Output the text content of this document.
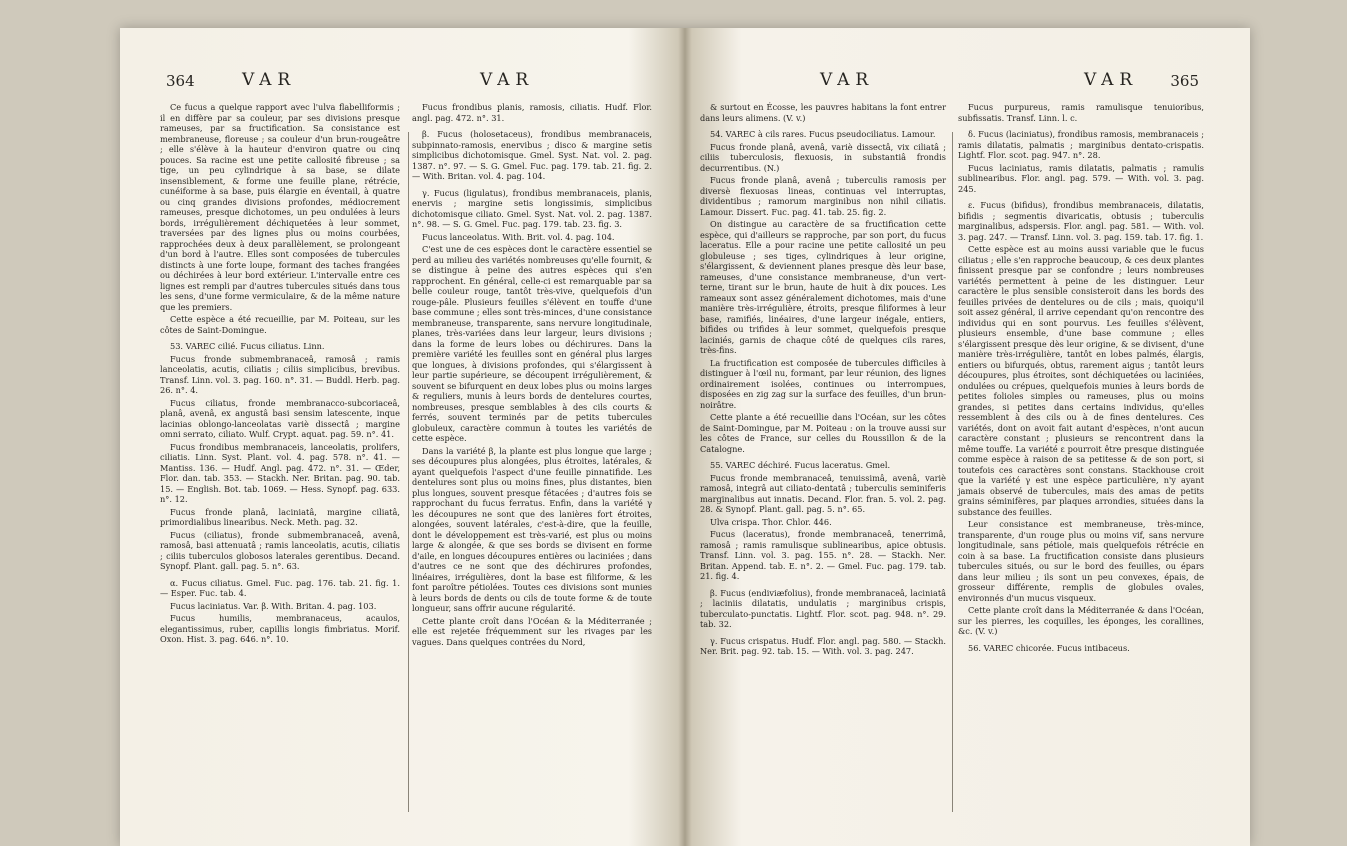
364	VAR	VAR

Ce fucus a quelque rapport avec l'ulva flabelliformis ; il en diffère par sa couleur, par ses divisions presque rameuses, par sa fructification. Sa consistance est membraneuse, floreuse ; sa couleur d'un brun-rougeâtre ; elle s'élève à la hauteur d'environ quatre ou cinq pouces. Sa racine est une petite callosité fibreuse ; sa tige, un peu cylindrique à sa base, se dilate insensiblement, & forme une feuille plane, rétrécie, cunéiforme à sa base, puis élargie en éventail, à quatre ou cinq grandes divisions profondes, médiocrement rameuses, presque dichotomes, un peu ondulées à leurs bords, irrégulièrement déchiquetées à leur sommet, traversées par des lignes plus ou moins courbées, rapprochées deux à deux parallèlement, se prolongeant d'un bord à l'autre. Elles sont composées de tubercules distincts à une forte loupe, formant des taches frangées ou déchirées à leur bord extérieur. L'intervalle entre ces lignes est rempli par d'autres tubercules situés dans tous les sens, d'une forme vermiculaire, & de la même nature que les premiers.

Cette espèce a été recueillie, par M. Poiteau, sur les côtes de Saint-Domingue.

53. VAREC cilié. Fucus ciliatus. Linn.

Fucus fronde submembranaceâ, ramosâ ; ramis lanceolatis, acutis, ciliatis ; ciliis simplicibus, brevibus. Transf. Linn. vol. 3. pag. 160. n°. 31. — Buddl. Herb. pag. 26. n°. 4.

Fucus ciliatus, fronde membranacco-subcoriaceâ, planâ, avenâ, ex angustâ basi sensim latescente, inque lacinias oblongo-lanceolatas variè dissectâ ; margine omni serrato, ciliato. Wulf. Crypt. aquat. pag. 59. n°. 41.

Fucus frondibus membranaceis, lanceolatis, prolifers, ciliatis. Linn. Syst. Plant. vol. 4. pag. 578. n°. 41. — Mantiss. 136. — Hudf. Angl. pag. 472. n°. 31. — Œder, Flor. dan. tab. 353. — Stackh. Ner. Britan. pag. 90. tab. 15. — English. Bot. tab. 1069. — Hess. Synopf. pag. 633. n°. 12.

Fucus fronde planâ, laciniatâ, margine ciliatâ, primordialibus linearibus. Neck. Meth. pag. 32.

Fucus (ciliatus), fronde submembranaceâ, avenâ, ramosâ, basi attenuatâ ; ramis lanceolatis, acutis, ciliatis ; ciliis tuberculos globosos laterales gerentibus. Decand. Synopf. Plant. gall. pag. 5. n°. 63.

α. Fucus ciliatus. Gmel. Fuc. pag. 176. tab. 21. fig. 1. — Esper. Fuc. tab. 4.

Fucus laciniatus. Var. β. With. Britan. 4. pag. 103.

Fucus humilis, membranaceus, acaulos, elegantissimus, ruber, capillis longis fimbriatus. Morif. Oxon. Hist. 3. pag. 646. n°. 10.

Fucus frondibus planis, ramosis, ciliatis. Hudf. Flor. angl. pag. 472. n°. 31.

β. Fucus (holosetaceus), frondibus membranaceis, subpinnato-ramosis, enervibus ; disco & margine setis simplicibus dichotomisque. Gmel. Syst. Nat. vol. 2. pag. 1387. n°. 97. — S. G. Gmel. Fuc. pag. 179. tab. 21. fig. 2. — With. Britan. vol. 4. pag. 104.

γ. Fucus (ligulatus), frondibus membranaceis, planis, enervis ; margine setis longissimis, simplicibus dichotomisque ciliato. Gmel. Syst. Nat. vol. 2. pag. 1387. n°. 98. — S. G. Gmel. Fuc. pag. 179. tab. 23. fig. 3.

Fucus lanceolatus. With. Brit. vol. 4. pag. 104.

C'est une de ces espèces dont le caractère essentiel se perd au milieu des variétés nombreuses qu'elle fournit, & se distingue à peine des autres espèces qui s'en rapprochent. En général, celle-ci est remarquable par sa belle couleur rouge, tantôt très-vive, quelquefois d'un rouge-pâle. Plusieurs feuilles s'élèvent en touffe d'une base commune ; elles sont très-minces, d'une consistance membraneuse, transparente, sans nervure longitudinale, planes, très-variées dans leur largeur, leurs divisions ; dans la forme de leurs lobes ou déchirures. Dans la première variété les feuilles sont en général plus larges que longues, à divisions profondes, qui s'élargissent à leur partie supérieure, se découpent irrégulièrement, & souvent se bifurquent en deux lobes plus ou moins larges & reguliers, munis à leurs bords de dentelures courtes, nombreuses, presque semblables à des cils courts & ferrés, souvent terminés par de petits tubercules globuleux, caractère commun à toutes les variétés de cette espèce.

Dans la variété β, la plante est plus longue que large ; ses découpures plus alongées, plus étroites, latérales, & ayant quelquefois l'aspect d'une feuille pinnatifide. Les dentelures sont plus ou moins fines, plus distantes, bien plus longues, souvent presque fétacées ; d'autres fois se rapprochant du fucus ferratus. Enfin, dans la variété γ les découpures ne sont que des lanières fort étroites, alongées, souvent latérales, c'est-à-dire, que la feuille, dont le développement est très-varié, est plus ou moins large & alongée, & que ses bords se divisent en forme d'aile, en longues découpures entières ou laciniées ; dans d'autres ce ne sont que des déchirures profondes, linéaires, irrégulières, dont la base est filiforme, & les font paroître pétiolées. Toutes ces divisions sont munies à leurs bords de dents ou cils de toute forme & de toute longueur, sans offrir aucune régularité.

Cette plante croît dans l'Océan & la Méditerranée ; elle est rejetée fréquemment sur les rivages par les vagues. Dans quelques contrées du Nord,

VAR	VAR 365

& surtout en Écosse, les pauvres habitans la font entrer dans leurs alimens. (V. v.)

54. VAREC à cils rares. Fucus pseudociliatus. Lamour.

Fucus fronde planâ, avenâ, variè dissectâ, vix ciliatâ ; ciliis tuberculosis, flexuosis, in substantiâ frondis decurrentibus. (N.)

Fucus fronde planâ, avenâ ; tuberculis ramosis per diversè flexuosas lineas, continuas vel interruptas, dividentibus ; ramorum marginibus non nihil ciliatis. Lamour. Dissert. Fuc. pag. 41. tab. 25. fig. 2.

On distingue au caractère de sa fructification cette espèce, qui d'ailleurs se rapproche, par son port, du fucus laceratus. Elle a pour racine une petite callosité un peu globuleuse ; ses tiges, cylindriques à leur origine, s'élargissent, & deviennent planes presque dès leur base, rameuses, d'une consistance membraneuse, d'un vert-terne, tirant sur le brun, haute de huit à dix pouces. Les rameaux sont assez généralement dichotomes, mais d'une manière très-irrégulière, étroits, presque filiformes à leur base, ramifiés, linéaires, d'une largeur inégale, entiers, bifides ou trifides à leur sommet, quelquefois presque laciniés, garnis de chaque côté de quelques cils rares, très-fins.

La fructification est composée de tubercules difficiles à distinguer à l'œil nu, formant, par leur réunion, des lignes ordinairement isolées, continues ou interrompues, disposées en zig zag sur la surface des feuilles, d'un brun-noirâtre.

Cette plante a été recueillie dans l'Océan, sur les côtes de Saint-Domingue, par M. Poiteau : on la trouve aussi sur les côtes de France, sur celles du Roussillon & de la Catalogne.

55. VAREC déchiré. Fucus laceratus. Gmel.

Fucus fronde membranaceâ, tenuissimâ, avenâ, variè ramosâ, integrâ aut ciliato-dentatâ ; tuberculis seminiferis marginalibus aut innatis. Decand. Flor. fran. 5. vol. 2. pag. 28. & Synopf. Plant. gall. pag. 5. n°. 65.

Ulva crispa. Thor. Chlor. 446.

Fucus (laceratus), fronde membranaceâ, tenerrimâ, ramosâ ; ramis ramulisque sublinearibus, apice obtusis. Transf. Linn. vol. 3. pag. 155. n°. 28. — Stackh. Ner. Britan. Append. tab. E. n°. 2. — Gmel. Fuc. pag. 179. tab. 21. fig. 4.

β. Fucus (endiviæfolius), fronde membranaceâ, laciniatâ ; laciniis dilatatis, undulatis ; marginibus crispis, tuberculato-punctatis. Lightf. Flor. scot. pag. 948. n°. 29. tab. 32.

γ. Fucus crispatus. Hudf. Flor. angl. pag. 580. — Stackh. Ner. Brit. pag. 92. tab. 15. — With. vol. 3. pag. 247.

Fucus purpureus, ramis ramulisque tenuioribus, subfissatis. Transf. Linn. l. c.

δ. Fucus (laciniatus), frondibus ramosis, membranaceis ; ramis dilatatis, palmatis ; marginibus dentato-crispatis. Lightf. Flor. scot. pag. 947. n°. 28.

Fucus laciniatus, ramis dilatatis, palmatis ; ramulis sublinearibus. Flor. angl. pag. 579. — With. vol. 3. pag. 245.

ε. Fucus (bifidus), frondibus membranaceis, dilatatis, bifidis ; segmentis divaricatis, obtusis ; tuberculis marginalibus, adspersis. Flor. angl. pag. 581. — With. vol. 3. pag. 247. — Transf. Linn. vol. 3. pag. 159. tab. 17. fig. 1.

Cette espèce est au moins aussi variable que le fucus ciliatus ; elle s'en rapproche beaucoup, & ces deux plantes finissent presque par se confondre ; leurs nombreuses variétés permettent à peine de les distinguer. Leur caractère le plus sensible consisteroit dans les bords des feuilles privées de dentelures ou de cils ; mais, quoiqu'il soit assez général, il arrive cependant qu'on rencontre des individus qui en sont pourvus. Les feuilles s'élèvent, plusieurs ensemble, d'une base commune ; elles s'élargissent presque dès leur origine, & se divisent, d'une manière très-irrégulière, tantôt en lobes palmés, élargis, entiers ou bifurqués, obtus, rarement aigus ; tantôt leurs découpures, plus étroites, sont déchiquetées ou laciniées, ondulées ou crépues, quelquefois munies à leurs bords de petites folioles simples ou rameuses, plus ou moins grandes, si petites dans certains individus, qu'elles ressemblent à des cils ou à de fines dentelures. Ces variétés, dont on avoit fait autant d'espèces, n'ont aucun caractère constant ; plusieurs se rencontrent dans la même touffe. La variété ε pourroit être presque distinguée comme espèce à raison de sa petitesse & de son port, si toutefois ces caractères sont constans. Stackhouse croit que la variété γ est une espèce particulière, n'y ayant jamais observé de tubercules, mais des amas de petits grains séminifères, par plaques arrondies, situées dans la substance des feuilles.

Leur consistance est membraneuse, très-mince, transparente, d'un rouge plus ou moins vif, sans nervure longitudinale, sans pétiole, mais quelquefois rétrécie en coin à sa base. La fructification consiste dans plusieurs tubercules situés, ou sur le bord des feuilles, ou épars dans leur milieu ; ils sont un peu convexes, épais, de grosseur différente, remplis de globules ovales, environnés d'un mucus visqueux.

Cette plante croît dans la Méditerranée & dans l'Océan, sur les pierres, les coquilles, les éponges, les corallines, &c. (V. v.)

56. VAREC chicorée. Fucus intibaceus.
